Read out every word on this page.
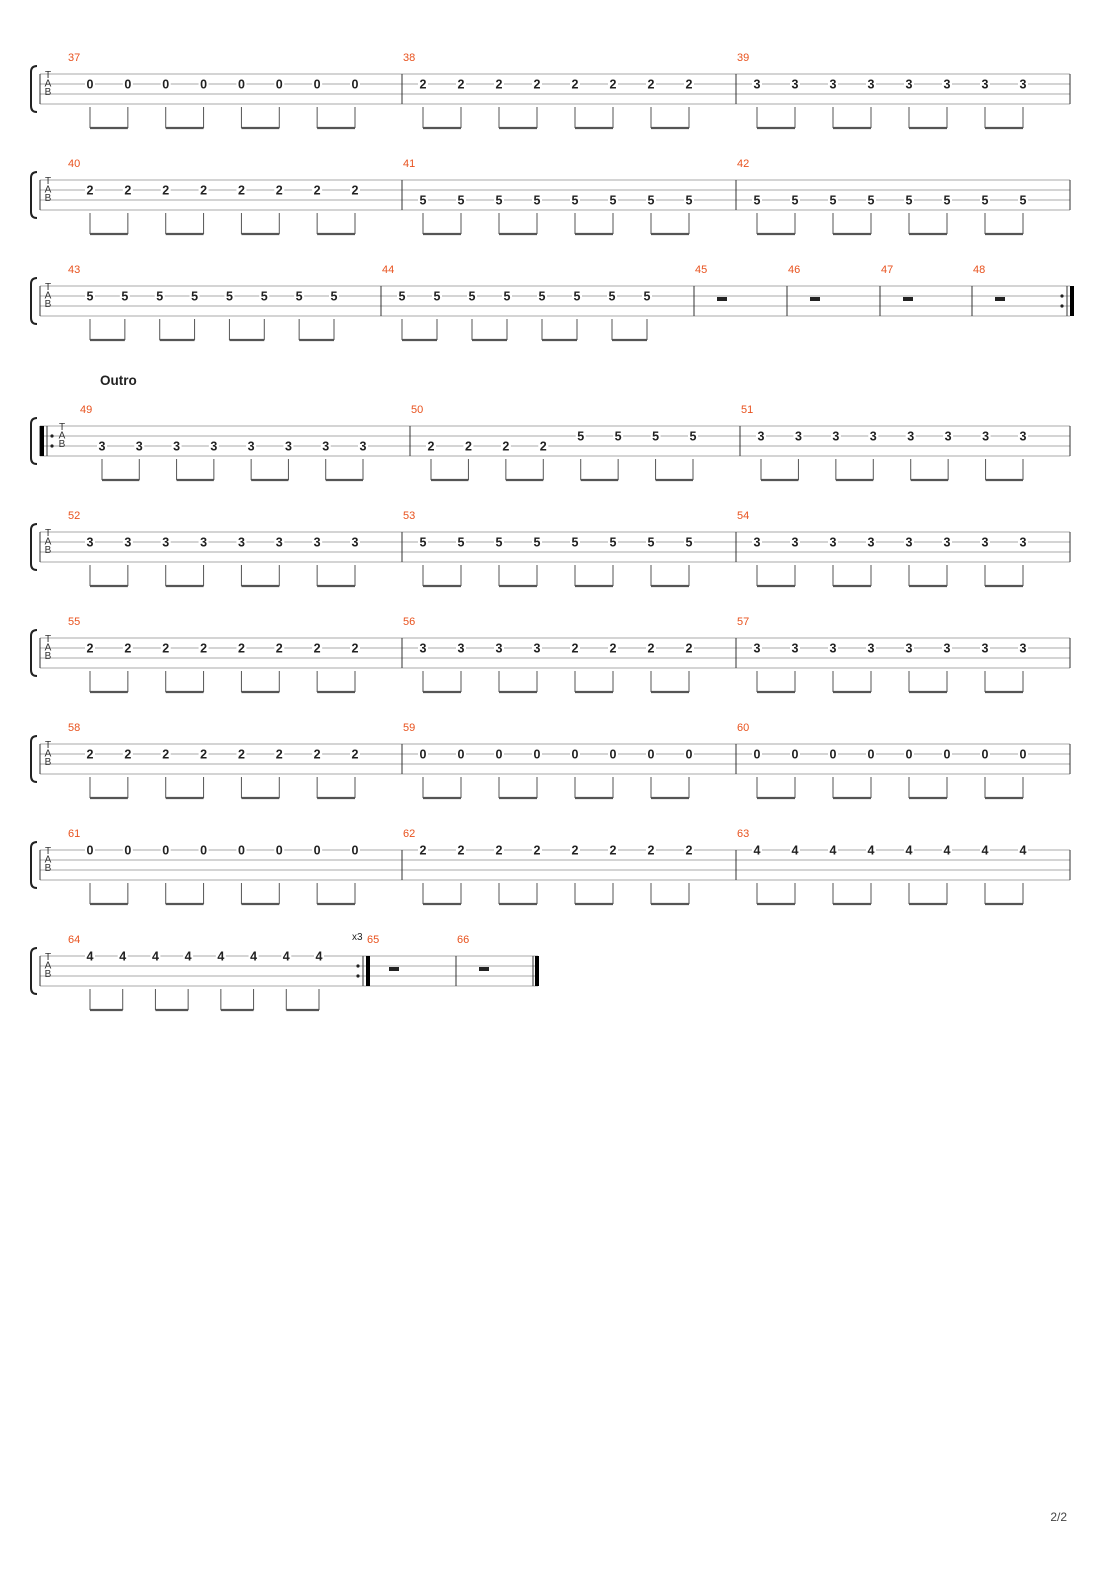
T
A
B
37
0 0 0 0 0 0 0 0
38
2 2 2 2 2 2 2 2
39
3 3 3 3 3 3 3 3
T
A
B
40
2 2 2 2 2 2 2 2
41
5 5 5 5 5 5 5 5
42
5 5 5 5 5 5 5 5
T
A
B
43
5 5 5 5 5 5 5 5
44
5 5 5 5 5 5 5 5
45	46	47	48
Outro
T
A
B
49
3 3 3 3 3 3 3 3
50
2 2 2 2
5 5 5 5
51
3 3 3 3 3 3 3 3
T
A
B
52
3 3 3 3 3 3 3 3
53
5 5 5 5 5 5 5 5
54
3 3 3 3 3 3 3 3
T
A
B
55
2 2 2 2 2 2 2 2
56
3 3 3 3 2 2 2 2
57
3 3 3 3 3 3 3 3
T
A
B
58
2 2 2 2 2 2 2 2
59
0 0 0 0 0 0 0 0
60
0 0 0 0 0 0 0 0
T
A
B
61
0 0 0 0 0 0 0 0
62
2 2 2 2 2 2 2 2
63
4 4 4 4 4 4 4 4
T
A
B
64	x3
4 4 4 4 4 4 4 4
65	66
2/2
